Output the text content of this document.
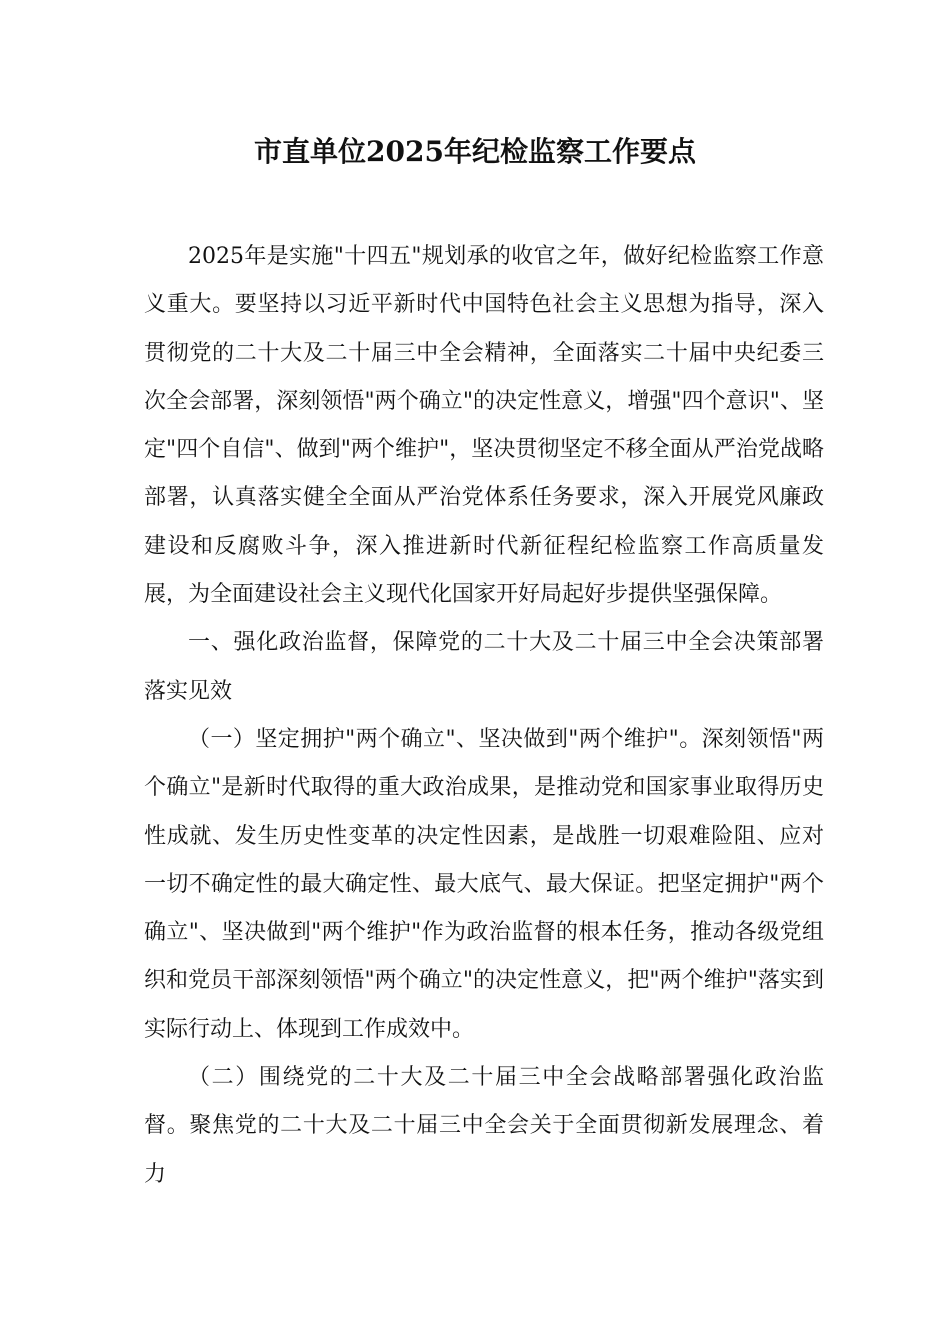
市直单位2025年纪检监察工作要点

2025年是实施"十四五"规划承的收官之年，做好纪检监察工作意义重大。要坚持以习近平新时代中国特色社会主义思想为指导，深入贯彻党的二十大及二十届三中全会精神，全面落实二十届中央纪委三次全会部署，深刻领悟"两个确立"的决定性意义，增强"四个意识"、坚定"四个自信"、做到"两个维护"，坚决贯彻坚定不移全面从严治党战略部署，认真落实健全全面从严治党体系任务要求，深入开展党风廉政建设和反腐败斗争，深入推进新时代新征程纪检监察工作高质量发展，为全面建设社会主义现代化国家开好局起好步提供坚强保障。

一、强化政治监督，保障党的二十大及二十届三中全会决策部署落实见效

（一）坚定拥护"两个确立"、坚决做到"两个维护"。深刻领悟"两个确立"是新时代取得的重大政治成果，是推动党和国家事业取得历史性成就、发生历史性变革的决定性因素，是战胜一切艰难险阻、应对一切不确定性的最大确定性、最大底气、最大保证。把坚定拥护"两个确立"、坚决做到"两个维护"作为政治监督的根本任务，推动各级党组织和党员干部深刻领悟"两个确立"的决定性意义，把"两个维护"落实到实际行动上、体现到工作成效中。

（二）围绕党的二十大及二十届三中全会战略部署强化政治监督。聚焦党的二十大及二十届三中全会关于全面贯彻新发展理念、着力
